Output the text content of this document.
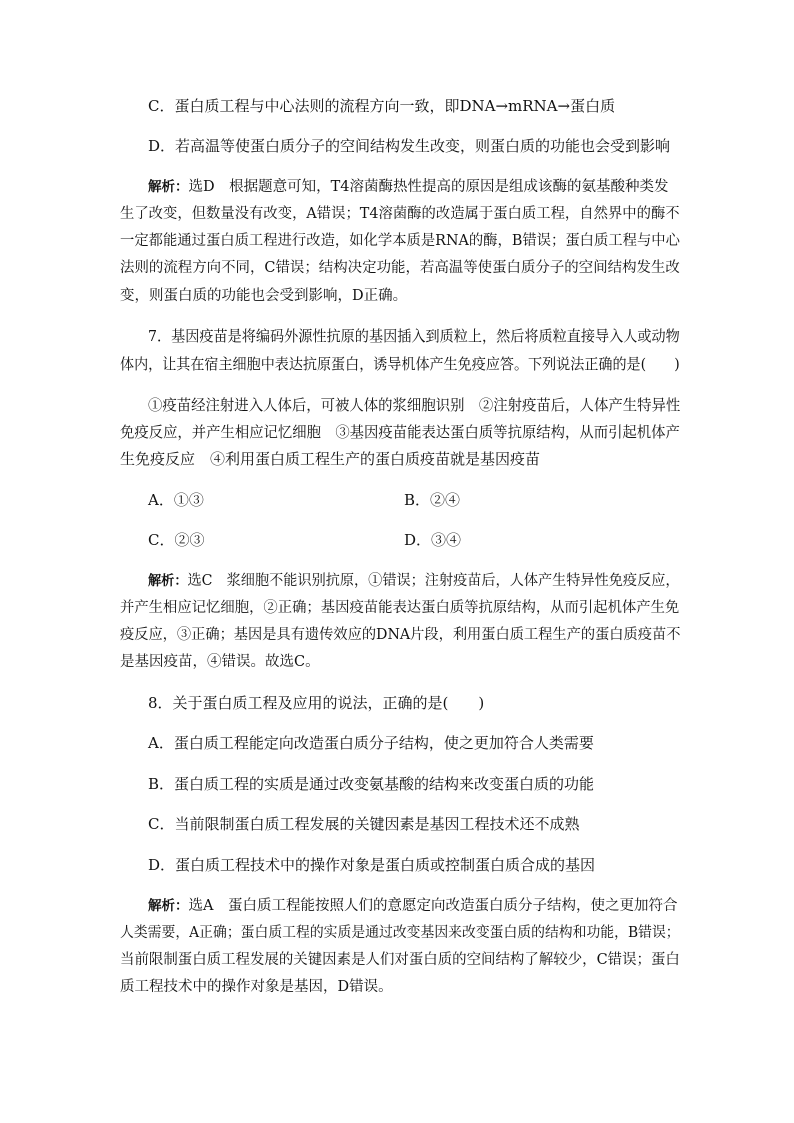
C．蛋白质工程与中心法则的流程方向一致，即DNA→mRNA→蛋白质
D．若高温等使蛋白质分子的空间结构发生改变，则蛋白质的功能也会受到影响
解析：选D　根据题意可知，T4溶菌酶热性提高的原因是组成该酶的氨基酸种类发
生了改变，但数量没有改变，A错误；T4溶菌酶的改造属于蛋白质工程，自然界中的酶不
一定都能通过蛋白质工程进行改造，如化学本质是RNA的酶，B错误；蛋白质工程与中心
法则的流程方向不同，C错误；结构决定功能，若高温等使蛋白质分子的空间结构发生改
变，则蛋白质的功能也会受到影响，D正确。
7．基因疫苗是将编码外源性抗原的基因插入到质粒上，然后将质粒直接导入人或动物
体内，让其在宿主细胞中表达抗原蛋白，诱导机体产生免疫应答。下列说法正确的是(　　)
①疫苗经注射进入人体后，可被人体的浆细胞识别　②注射疫苗后，人体产生特异性
免疫反应，并产生相应记忆细胞　③基因疫苗能表达蛋白质等抗原结构，从而引起机体产
生免疫反应　④利用蛋白质工程生产的蛋白质疫苗就是基因疫苗
A．①③	B．②④
C．②③	D．③④
解析：选C　浆细胞不能识别抗原，①错误；注射疫苗后，人体产生特异性免疫反应，
并产生相应记忆细胞，②正确；基因疫苗能表达蛋白质等抗原结构，从而引起机体产生免
疫反应，③正确；基因是具有遗传效应的DNA片段，利用蛋白质工程生产的蛋白质疫苗不
是基因疫苗，④错误。故选C。
8．关于蛋白质工程及应用的说法，正确的是(　　)
A．蛋白质工程能定向改造蛋白质分子结构，使之更加符合人类需要
B．蛋白质工程的实质是通过改变氨基酸的结构来改变蛋白质的功能
C．当前限制蛋白质工程发展的关键因素是基因工程技术还不成熟
D．蛋白质工程技术中的操作对象是蛋白质或控制蛋白质合成的基因
解析：选A　蛋白质工程能按照人们的意愿定向改造蛋白质分子结构，使之更加符合
人类需要，A正确；蛋白质工程的实质是通过改变基因来改变蛋白质的结构和功能，B错误；
当前限制蛋白质工程发展的关键因素是人们对蛋白质的空间结构了解较少，C错误；蛋白
质工程技术中的操作对象是基因，D错误。
